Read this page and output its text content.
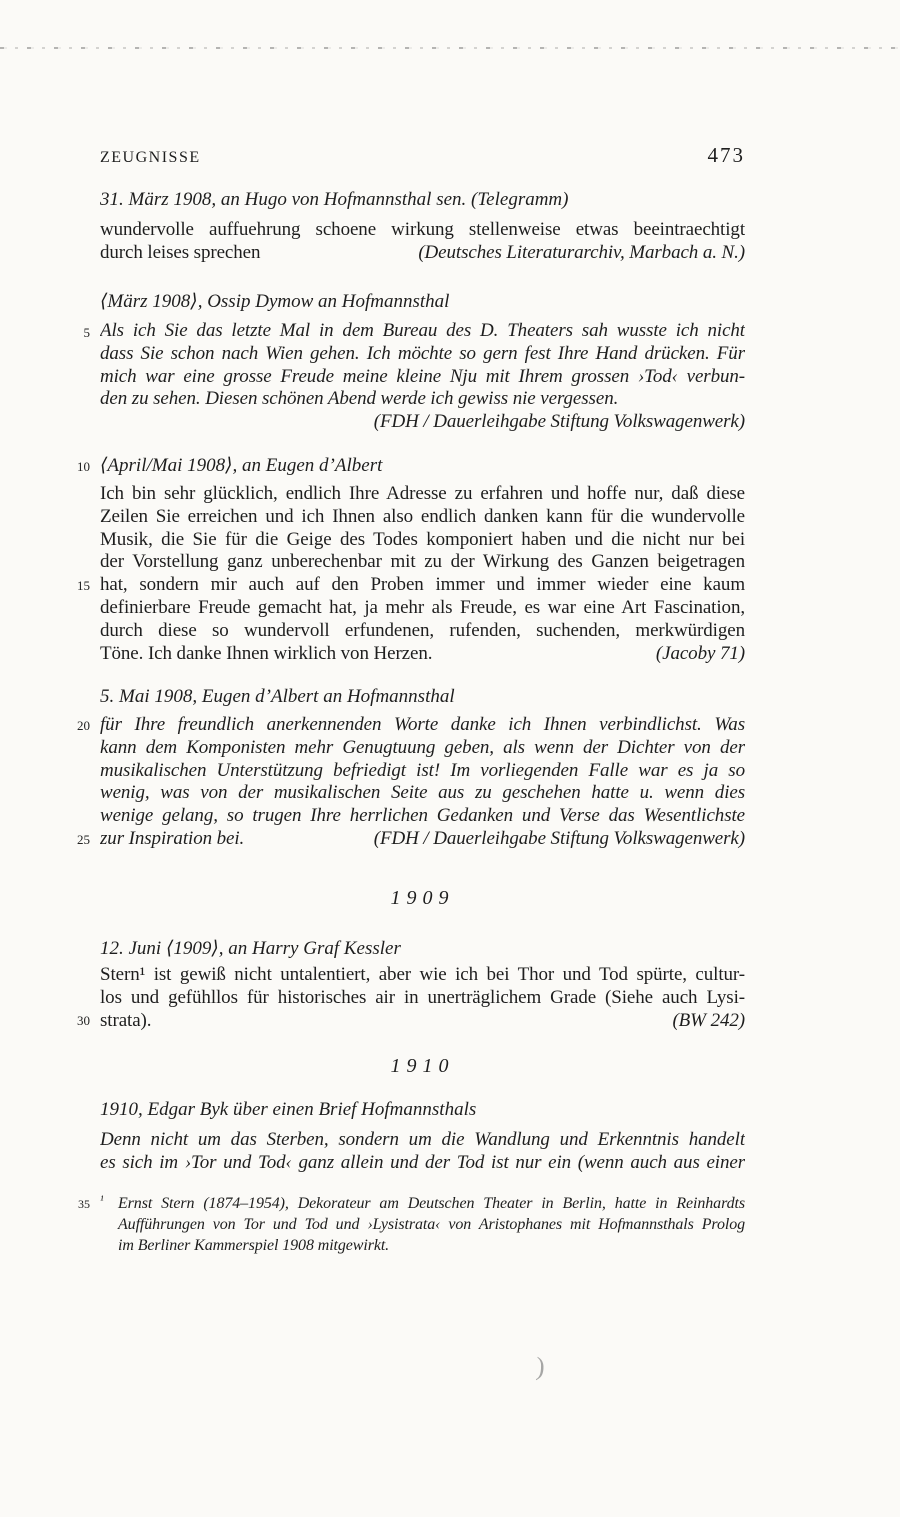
ZEUGNISSE	473
5
10
15
20
25
30
35
31. März 1908, an Hugo von Hofmannsthal sen. (Telegramm)
wundervolle auffuehrung schoene wirkung stellenweise etwas beeintraechtigt
durch leises sprechen	(Deutsches Literaturarchiv, Marbach a. N.)
⟨März 1908⟩, Ossip Dymow an Hofmannsthal
Als ich Sie das letzte Mal in dem Bureau des D. Theaters sah wusste ich nicht
dass Sie schon nach Wien gehen. Ich möchte so gern fest Ihre Hand drücken. Für
mich war eine grosse Freude meine kleine Nju mit Ihrem grossen ›Tod‹ verbun-
den zu sehen. Diesen schönen Abend werde ich gewiss nie vergessen.
(FDH / Dauerleihgabe Stiftung Volkswagenwerk)
⟨April/Mai 1908⟩, an Eugen d’Albert
Ich bin sehr glücklich, endlich Ihre Adresse zu erfahren und hoffe nur, daß diese
Zeilen Sie erreichen und ich Ihnen also endlich danken kann für die wundervolle
Musik, die Sie für die Geige des Todes komponiert haben und die nicht nur bei
der Vorstellung ganz unberechenbar mit zu der Wirkung des Ganzen beigetragen
hat, sondern mir auch auf den Proben immer und immer wieder eine kaum
definierbare Freude gemacht hat, ja mehr als Freude, es war eine Art Fascination,
durch diese so wundervoll erfundenen, rufenden, suchenden, merkwürdigen
Töne. Ich danke Ihnen wirklich von Herzen.	(Jacoby 71)
5. Mai 1908, Eugen d’Albert an Hofmannsthal
für Ihre freundlich anerkennenden Worte danke ich Ihnen verbindlichst. Was
kann dem Komponisten mehr Genugtuung geben, als wenn der Dichter von der
musikalischen Unterstützung befriedigt ist! Im vorliegenden Falle war es ja so
wenig, was von der musikalischen Seite aus zu geschehen hatte u. wenn dies
wenige gelang, so trugen Ihre herrlichen Gedanken und Verse das Wesentlichste
zur Inspiration bei.	(FDH / Dauerleihgabe Stiftung Volkswagenwerk)
1909
12. Juni ⟨1909⟩, an Harry Graf Kessler
Stern¹ ist gewiß nicht untalentiert, aber wie ich bei Thor und Tod spürte, cultur-
los und gefühllos für historisches air in unerträglichem Grade (Siehe auch Lysi-
strata).	(BW 242)
1910
1910, Edgar Byk über einen Brief Hofmannsthals
Denn nicht um das Sterben, sondern um die Wandlung und Erkenntnis handelt
es sich im ›Tor und Tod‹ ganz allein und der Tod ist nur ein (wenn auch aus einer
¹ Ernst Stern (1874–1954), Dekorateur am Deutschen Theater in Berlin, hatte in Reinhardts
Aufführungen von Tor und Tod und ›Lysistrata‹ von Aristophanes mit Hofmannsthals Prolog
im Berliner Kammerspiel 1908 mitgewirkt.
)
